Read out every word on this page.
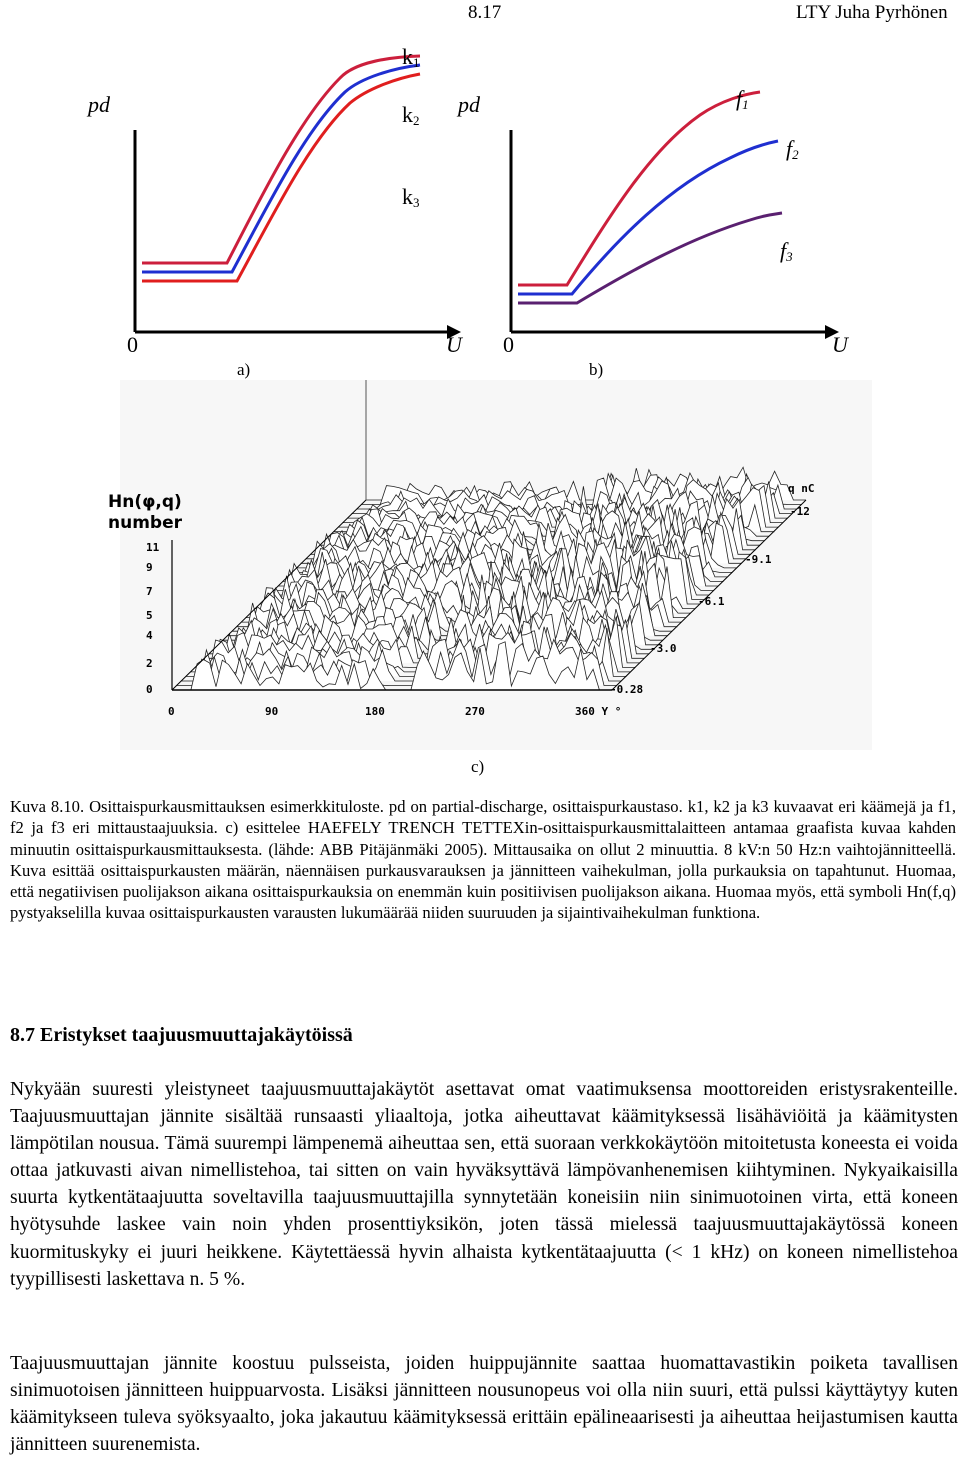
8.17	LTY Juha Pyrhönen
pd
$k_1$
$k_2$
$k_3$
0	U
a)
pd	$f_1$
$f_2$
$f_3$
0	U
b)
Hn(φ,q)
number
11
9
7
5
4
2
0
0	90	180	270	360 Y °
-12
-9.1
-6.1
-3.0
-0.28
q nC
c)
Kuva 8.10. Osittaispurkausmittauksen esimerkkituloste. pd on partial-discharge, osittaispurkaustaso. k1, k2 ja k3 kuvaavat eri käämejä ja f1, f2 ja f3 eri mittaustaajuuksia. c) esittelee HAEFELY TRENCH TETTEXin-osittaispurkausmittalaitteen antamaa graafista kuvaa kahden minuutin osittaispurkausmittauksesta. (lähde: ABB Pitäjänmäki 2005). Mittausaika on ollut 2 minuuttia. 8 kV:n 50 Hz:n vaihtojännitteellä. Kuva esittää osittaispurkausten määrän, näennäisen purkausvarauksen ja jännitteen vaihekulman, jolla purkauksia on tapahtunut. Huomaa, että negatiivisen puolijakson aikana osittaispurkauksia on enemmän kuin positiivisen puolijakson aikana. Huomaa myös, että symboli Hn(f,q) pystyakselilla kuvaa osittaispurkausten varausten lukumäärää niiden suuruuden ja sijaintivaihekulman funktiona.
8.7 Eristykset taajuusmuuttajakäytöissä
Nykyään suuresti yleistyneet taajuusmuuttajakäytöt asettavat omat vaatimuksensa moottoreiden eristysrakenteille. Taajuusmuuttajan jännite sisältää runsaasti yliaaltoja, jotka aiheuttavat käämityksessä lisähäviöitä ja käämitysten lämpötilan nousua. Tämä suurempi lämpenemä aiheuttaa sen, että suoraan verkkokäytöön mitoitetusta koneesta ei voida ottaa jatkuvasti aivan nimellistehoa, tai sitten on vain hyväksyttävä lämpövanhenemisen kiihtyminen. Nykyaikaisilla suurta kytkentätaajuutta soveltavilla taajuusmuuttajilla synnytetään koneisiin niin sinimuotoinen virta, että koneen hyötysuhde laskee vain noin yhden prosenttiyksikön, joten tässä mielessä taajuusmuuttajakäytössä koneen kuormituskyky ei juuri heikkene. Käytettäessä hyvin alhaista kytkentätaajuutta (< 1 kHz) on koneen nimellistehoa tyypillisesti laskettava n. 5 %.
Taajuusmuuttajan jännite koostuu pulsseista, joiden huippujännite saattaa huomattavastikin poiketa tavallisen sinimuotoisen jännitteen huippuarvosta. Lisäksi jännitteen nousunopeus voi olla niin suuri, että pulssi käyttäytyy kuten käämitykseen tuleva syöksyaalto, joka jakautuu käämityksessä erittäin epälineaarisesti ja aiheuttaa heijastumisen kautta jännitteen suurenemista.
